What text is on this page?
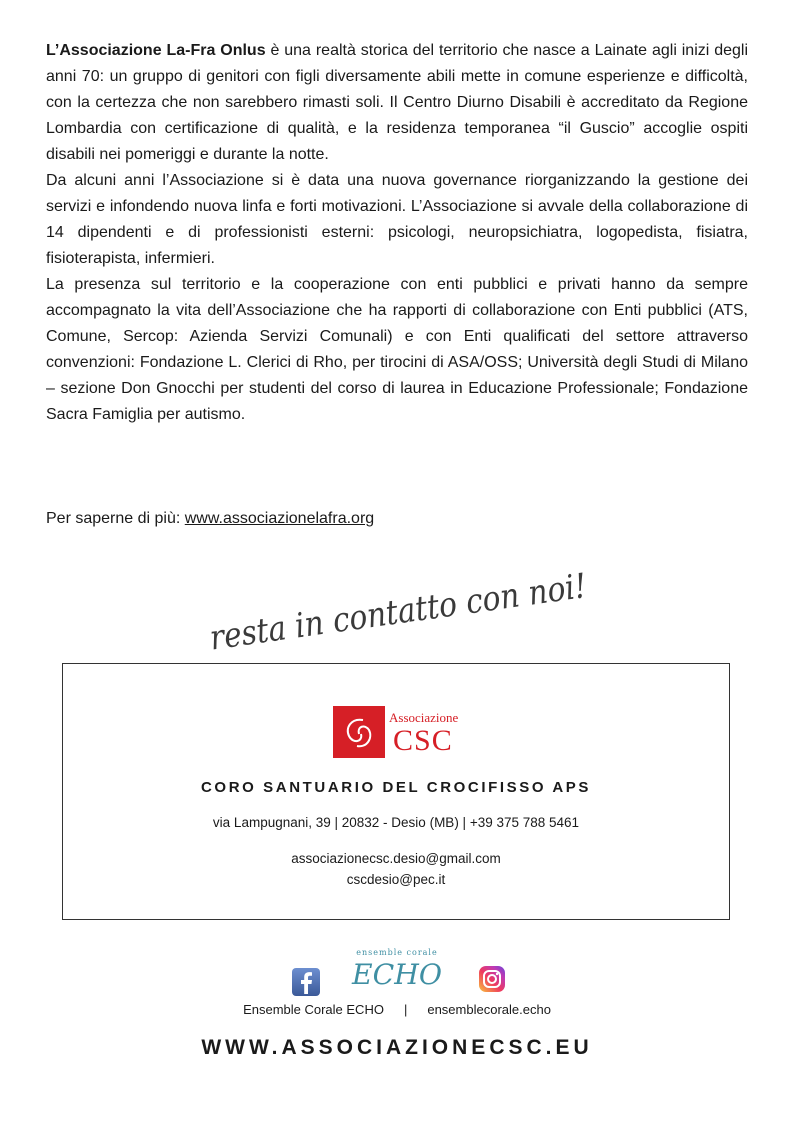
L’Associazione La-Fra Onlus è una realtà storica del territorio che nasce a Lainate agli inizi degli anni 70: un gruppo di genitori con figli diversamente abili mette in comune esperienze e difficoltà, con la certezza che non sarebbero rimasti soli. Il Centro Diurno Disabili è accreditato da Regione Lombardia con certificazione di qualità, e la residenza temporanea “il Guscio” accoglie ospiti disabili nei pomeriggi e durante la notte.

Da alcuni anni l’Associazione si è data una nuova governance riorganizzando la gestione dei servizi e infondendo nuova linfa e forti motivazioni. L’Associazione si avvale della collaborazione di 14 dipendenti e di professionisti esterni: psicologi, neuropsichiatra, logopedista, fisiatra, fisioterapista, infermieri.

La presenza sul territorio e la cooperazione con enti pubblici e privati hanno da sempre accompagnato la vita dell’Associazione che ha rapporti di collaborazione con Enti pubblici (ATS, Comune, Sercop: Azienda Servizi Comunali) e con Enti qualificati del settore attraverso convenzioni: Fondazione L. Clerici di Rho, per tirocini di ASA/OSS; Università degli Studi di Milano – sezione Don Gnocchi per studenti del corso di laurea in Educazione Professionale; Fondazione Sacra Famiglia per autismo.

Per saperne di più: www.associazionelafra.org
resta in contatto con noi!
Associazione
CSC
CORO SANTUARIO DEL CROCIFISSO APS
via Lampugnani, 39 | 20832 - Desio (MB) | +39 375 788 5461
associazionecsc.desio@gmail.com
cscdesio@pec.it
ensemble corale
ECHO
Ensemble Corale ECHO | ensemblecorale.echo
WWW.ASSOCIAZIONECSC.EU
